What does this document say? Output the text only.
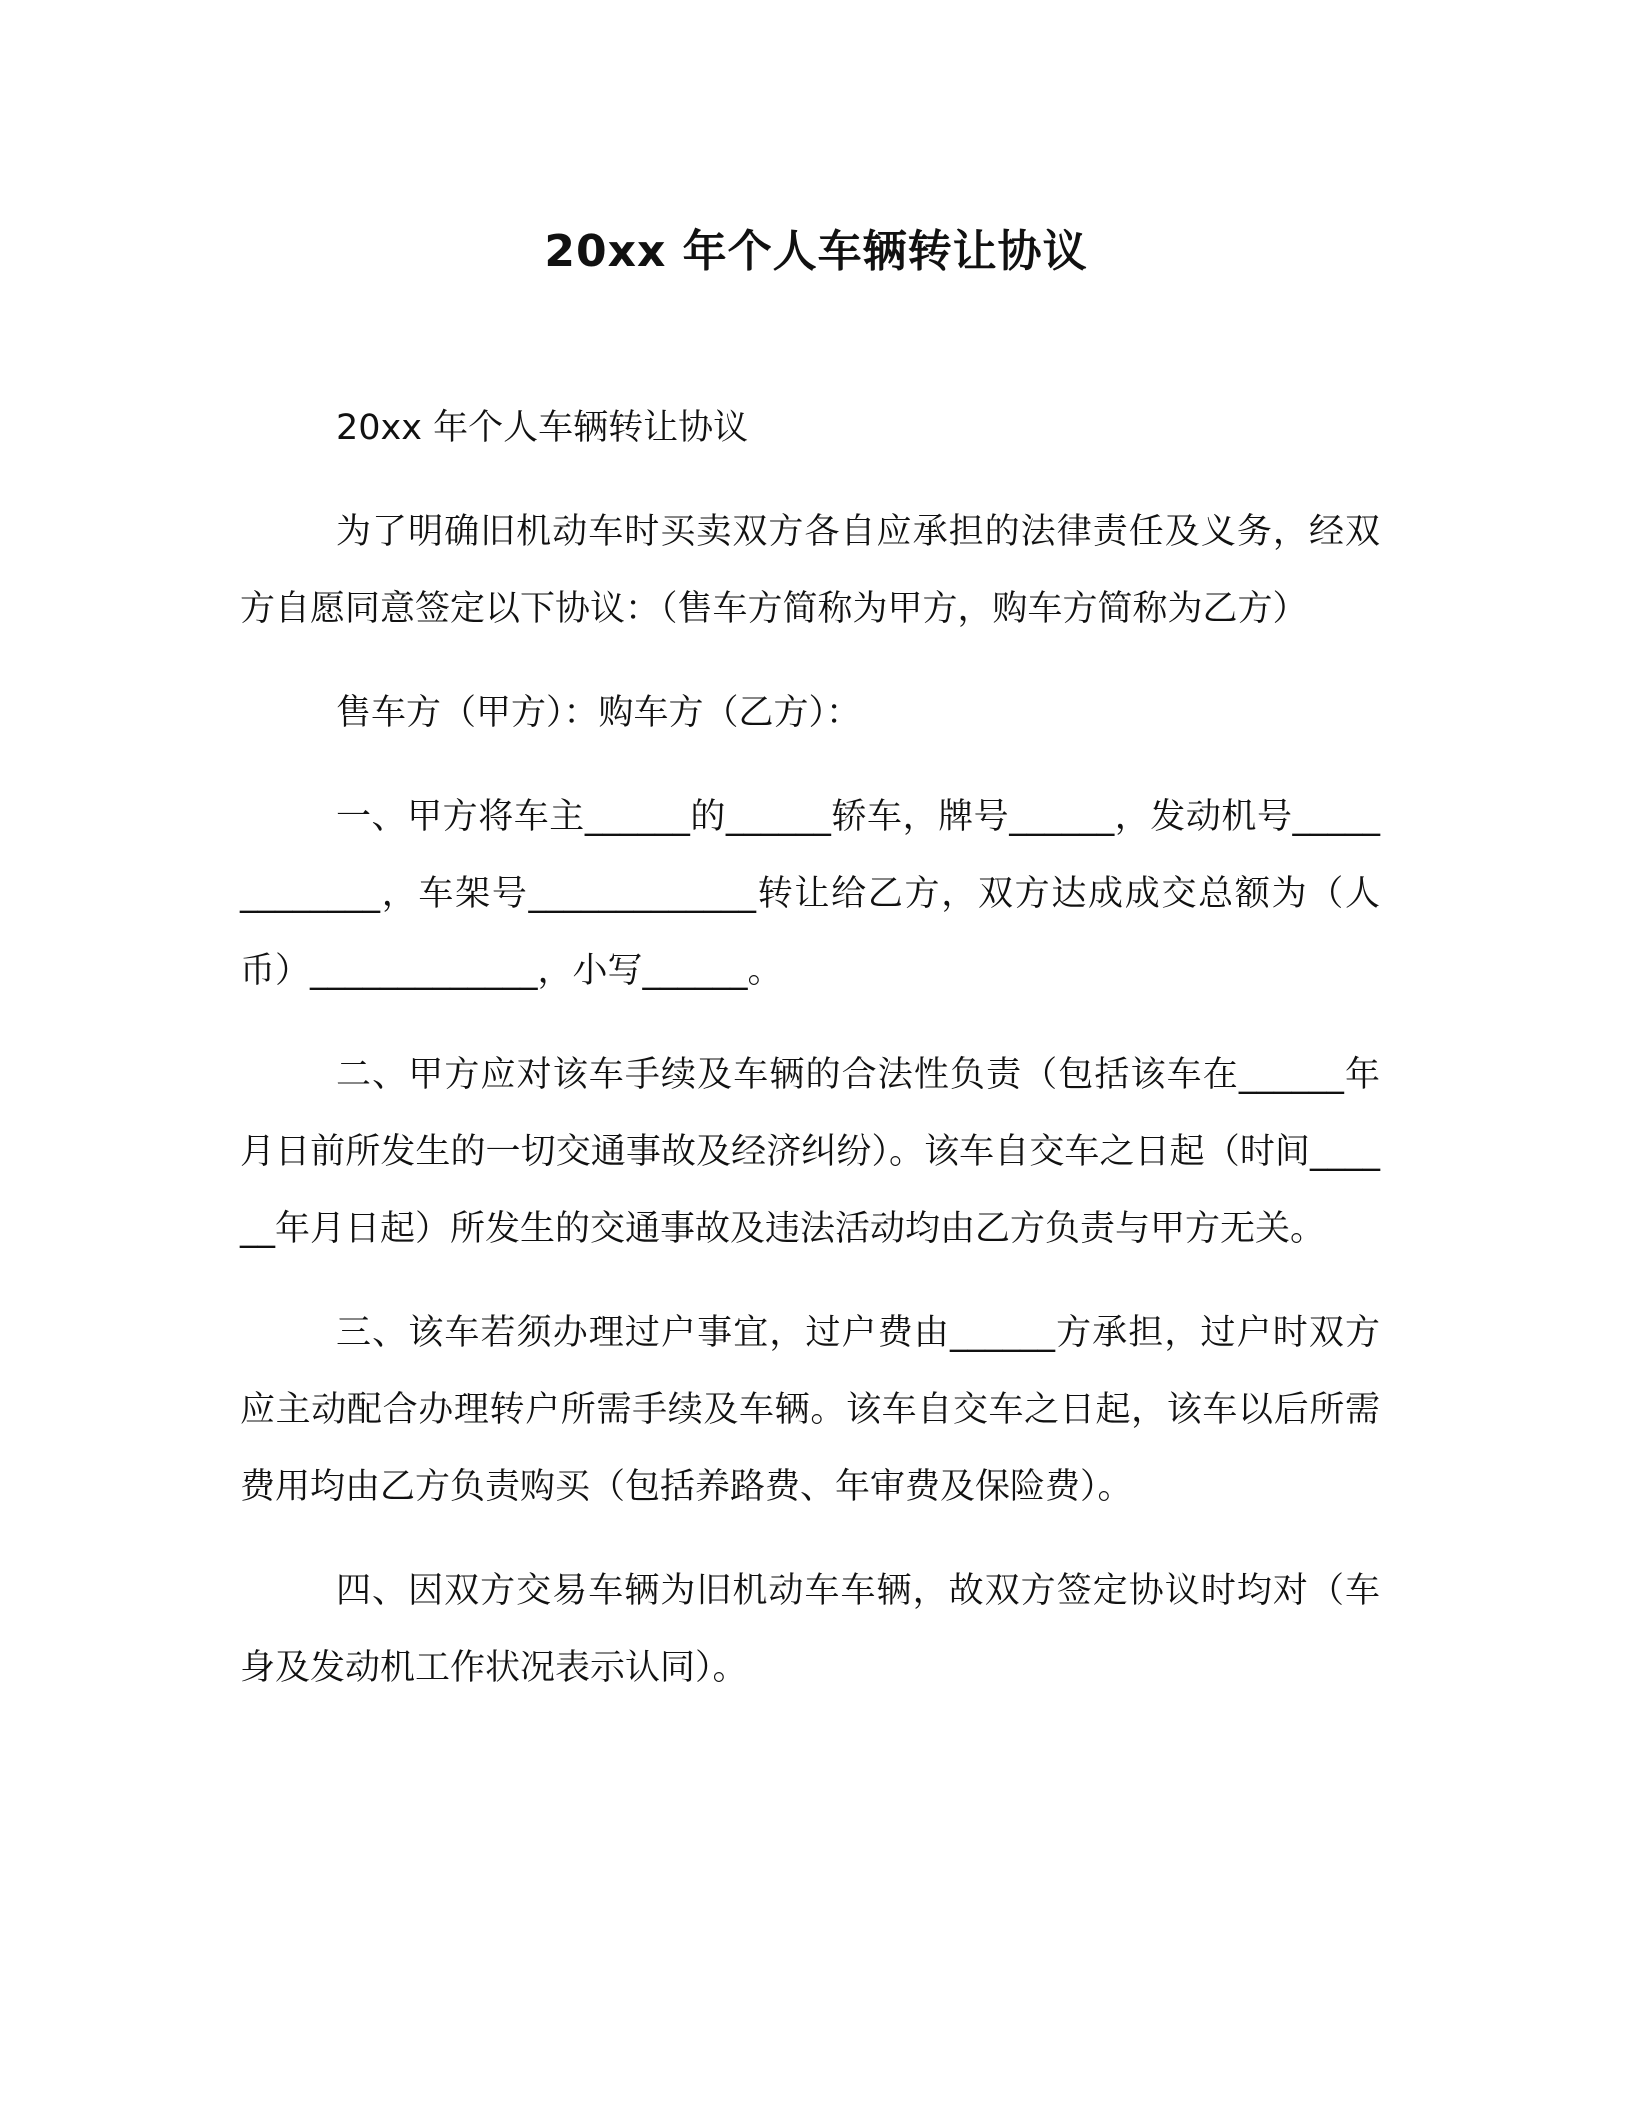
20xx 年个人车辆转让协议

20xx 年个人车辆转让协议

为了明确旧机动车时买卖双方各自应承担的法律责任及义务，经双方自愿同意签定以下协议：（售车方简称为甲方，购车方简称为乙方）

售车方（甲方）：购车方（乙方）：

一、甲方将车主______的______轿车，牌号______，发动机号_____________，车架号_____________转让给乙方，双方达成成交总额为（人币）_____________，小写______。

二、甲方应对该车手续及车辆的合法性负责（包括该车在______年月日前所发生的一切交通事故及经济纠纷）。该车自交车之日起（时间______年月日起）所发生的交通事故及违法活动均由乙方负责与甲方无关。

三、该车若须办理过户事宜，过户费由______方承担，过户时双方应主动配合办理转户所需手续及车辆。该车自交车之日起，该车以后所需费用均由乙方负责购买（包括养路费、年审费及保险费）。

四、因双方交易车辆为旧机动车车辆，故双方签定协议时均对（车身及发动机工作状况表示认同）。
